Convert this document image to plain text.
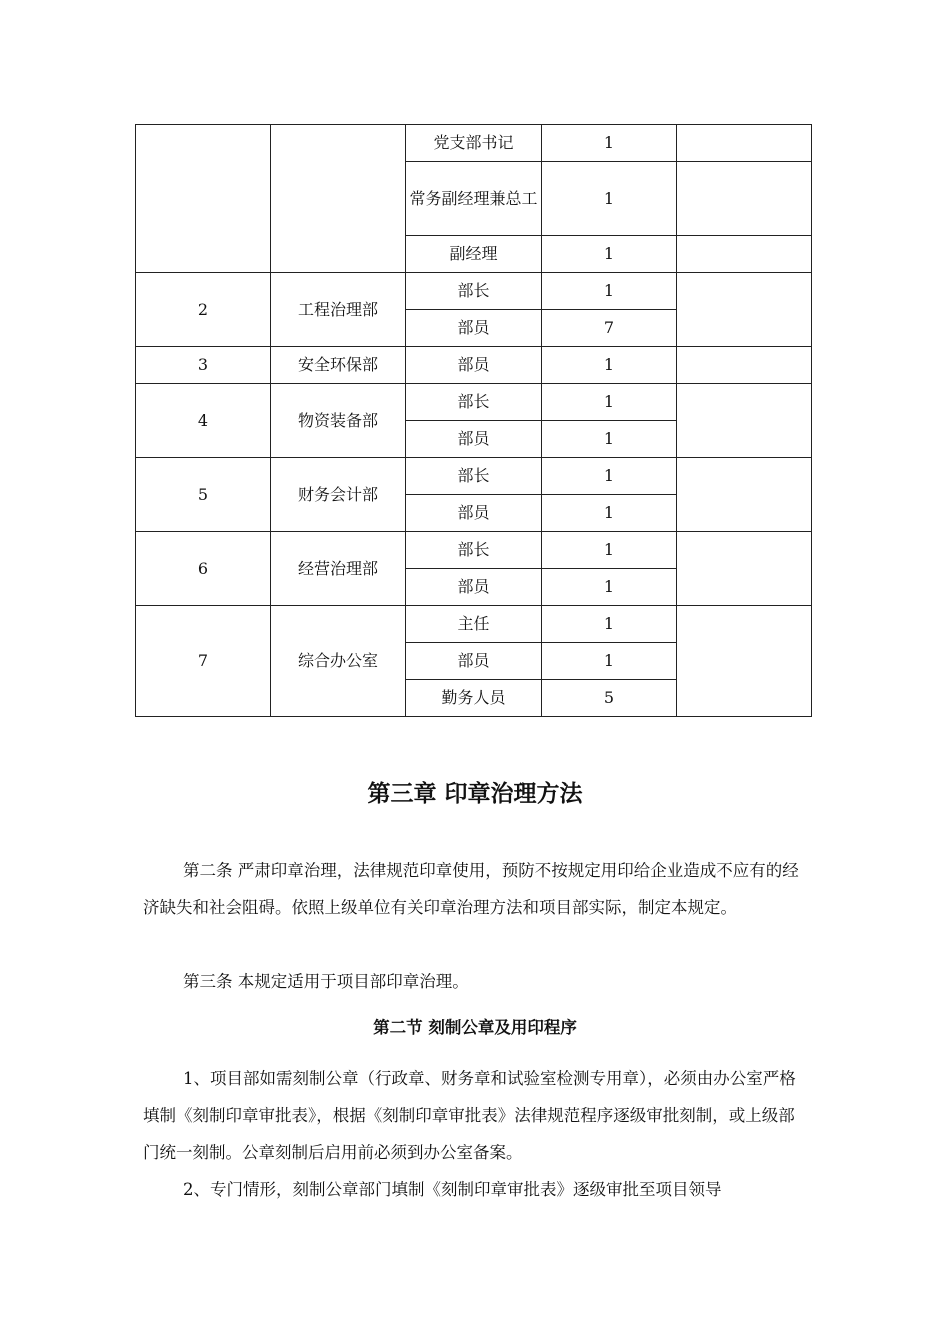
		党支部书记	1	
		常务副经理兼总工	1	
		副经理	1	
2	工程治理部	部长	1	
		部员	7	
3	安全环保部	部员	1	
4	物资装备部	部长	1	
		部员	1	
5	财务会计部	部长	1	
		部员	1	
6	经营治理部	部长	1	
		部员	1	
7	综合办公室	主任	1	
		部员	1	
		勤务人员	5	
第三章 印章治理方法

第二条 严肃印章治理，法律规范印章使用，预防不按规定用印给企业造成不应有的经济缺失和社会阻碍。依照上级单位有关印章治理方法和项目部实际，制定本规定。

第三条 本规定适用于项目部印章治理。

第二节 刻制公章及用印程序

1、项目部如需刻制公章（行政章、财务章和试验室检测专用章），必须由办公室严格填制《刻制印章审批表》，根据《刻制印章审批表》法律规范程序逐级审批刻制，或上级部门统一刻制。公章刻制后启用前必须到办公室备案。

2、专门情形，刻制公章部门填制《刻制印章审批表》逐级审批至项目领导
